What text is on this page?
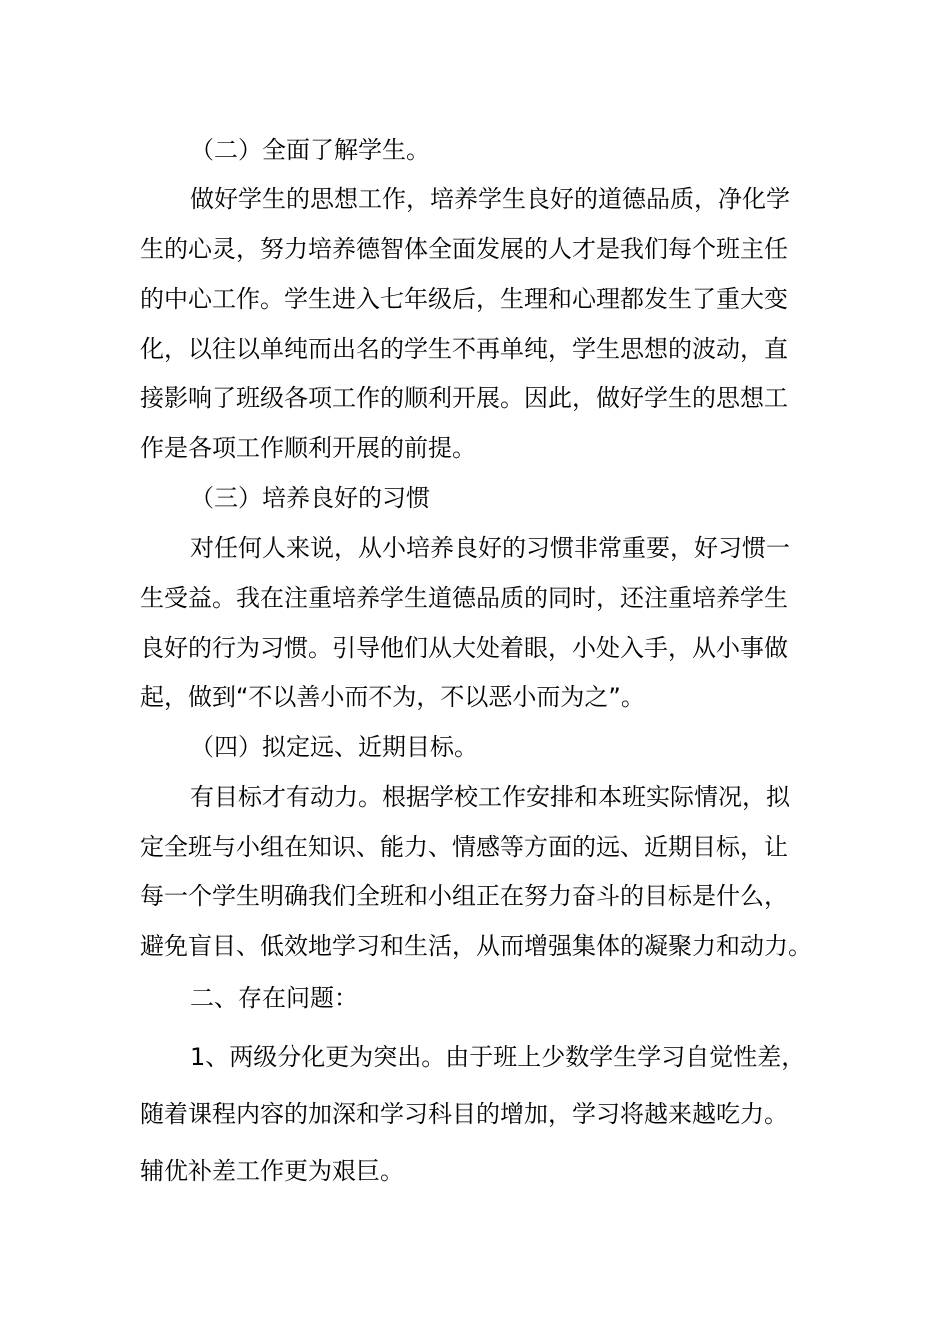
（二）全面了解学生。
做好学生的思想工作，培养学生良好的道德品质，净化学
生的心灵，努力培养德智体全面发展的人才是我们每个班主任
的中心工作。学生进入七年级后，生理和心理都发生了重大变
化，以往以单纯而出名的学生不再单纯，学生思想的波动，直
接影响了班级各项工作的顺利开展。因此，做好学生的思想工
作是各项工作顺利开展的前提。
（三）培养良好的习惯
对任何人来说，从小培养良好的习惯非常重要，好习惯一
生受益。我在注重培养学生道德品质的同时，还注重培养学生
良好的行为习惯。引导他们从大处着眼，小处入手，从小事做
起，做到“不以善小而不为，不以恶小而为之”。
（四）拟定远、近期目标。
有目标才有动力。根据学校工作安排和本班实际情况，拟
定全班与小组在知识、能力、情感等方面的远、近期目标，让
每一个学生明确我们全班和小组正在努力奋斗的目标是什么，
避免盲目、低效地学习和生活，从而增强集体的凝聚力和动力。
二、存在问题：
1、两级分化更为突出。由于班上少数学生学习自觉性差，
随着课程内容的加深和学习科目的增加，学习将越来越吃力。
辅优补差工作更为艰巨。
